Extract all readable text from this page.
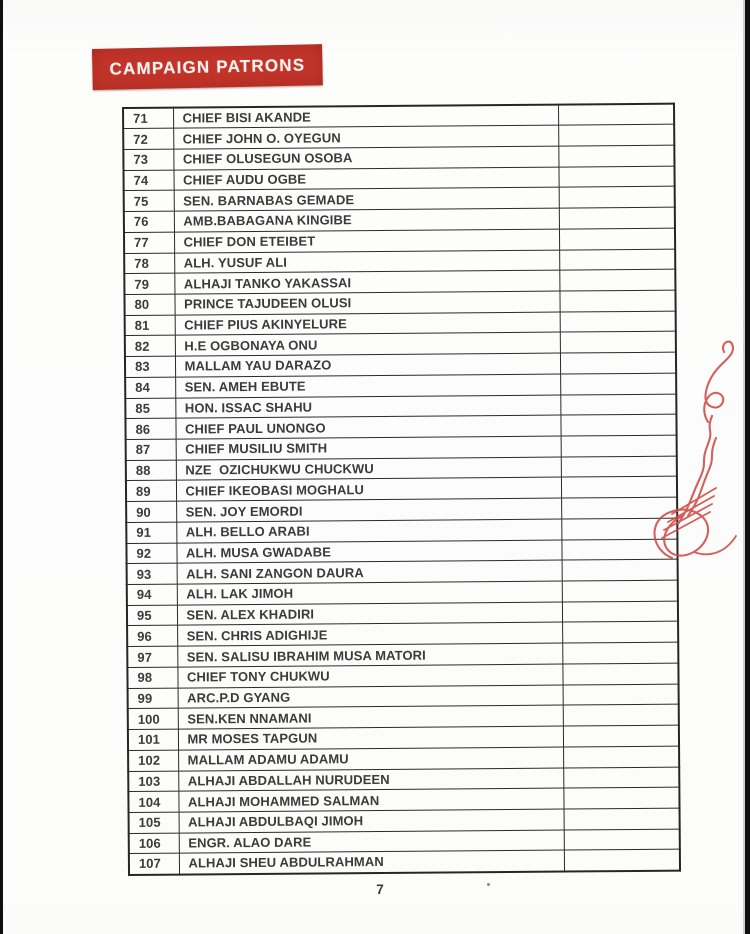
CAMPAIGN PATRONS
71	CHIEF BISI AKANDE	
72	CHIEF JOHN O. OYEGUN	
73	CHIEF OLUSEGUN OSOBA	
74	CHIEF AUDU OGBE	
75	SEN. BARNABAS GEMADE	
76	AMB.BABAGANA KINGIBE	
77	CHIEF DON ETEIBET	
78	ALH. YUSUF ALI	
79	ALHAJI TANKO YAKASSAI	
80	PRINCE TAJUDEEN OLUSI	
81	CHIEF PIUS AKINYELURE	
82	H.E OGBONAYA ONU	
83	MALLAM YAU DARAZO	
84	SEN. AMEH EBUTE	
85	HON. ISSAC SHAHU	
86	CHIEF PAUL UNONGO	
87	CHIEF MUSILIU SMITH	
88	NZE  OZICHUKWU CHUCKWU	
89	CHIEF IKEOBASI MOGHALU	
90	SEN. JOY EMORDI	
91	ALH. BELLO ARABI	
92	ALH. MUSA GWADABE	
93	ALH. SANI ZANGON DAURA	
94	ALH. LAK JIMOH	
95	SEN. ALEX KHADIRI	
96	SEN. CHRIS ADIGHIJE	
97	SEN. SALISU IBRAHIM MUSA MATORI	
98	CHIEF TONY CHUKWU	
99	ARC.P.D GYANG	
100	SEN.KEN NNAMANI	
101	MR MOSES TAPGUN	
102	MALLAM ADAMU ADAMU	
103	ALHAJI ABDALLAH NURUDEEN	
104	ALHAJI MOHAMMED SALMAN	
105	ALHAJI ABDULBAQI JIMOH	
106	ENGR. ALAO DARE	
107	ALHAJI SHEU ABDULRAHMAN	
7
